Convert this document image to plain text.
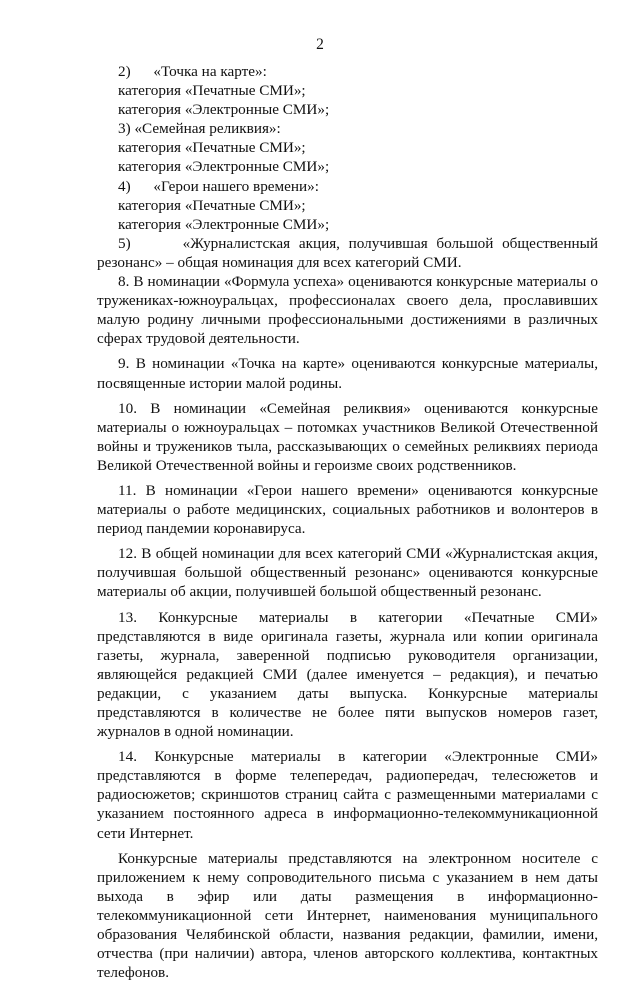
2
2)      «Точка на карте»:
категория «Печатные СМИ»;
категория «Электронные СМИ»;
3) «Семейная реликвия»:
категория «Печатные СМИ»;
категория «Электронные СМИ»;
4)      «Герои нашего времени»:
категория «Печатные СМИ»;
категория «Электронные СМИ»;

5)      «Журналистская акция, получившая большой общественный резонанс» – общая номинация для всех категорий СМИ.

8. В номинации «Формула успеха» оцениваются конкурсные материалы о тружениках-южноуральцах, профессионалах своего дела, прославивших малую родину личными профессиональными достижениями в различных сферах трудовой деятельности.

9. В номинации «Точка на карте» оцениваются конкурсные материалы, посвященные истории малой родины.

10. В номинации «Семейная реликвия» оцениваются конкурсные материалы о южноуральцах – потомках участников Великой Отечественной войны и тружеников тыла, рассказывающих о семейных реликвиях периода Великой Отечественной войны и героизме своих родственников.

11. В номинации «Герои нашего времени» оцениваются конкурсные материалы о работе медицинских, социальных работников и волонтеров в период пандемии коронавируса.

12. В общей номинации для всех категорий СМИ «Журналистская акция, получившая большой общественный резонанс» оцениваются конкурсные материалы об акции, получившей большой общественный резонанс.

13. Конкурсные материалы в категории «Печатные СМИ» представляются в виде оригинала газеты, журнала или копии оригинала газеты, журнала, заверенной подписью руководителя организации, являющейся редакцией СМИ (далее именуется – редакция), и печатью редакции, с указанием даты выпуска. Конкурсные материалы представляются в количестве не более пяти выпусков номеров газет, журналов в одной номинации.

14. Конкурсные материалы в категории «Электронные СМИ» представляются в форме телепередач, радиопередач, телесюжетов и радиосюжетов; скриншотов страниц сайта с размещенными материалами с указанием постоянного адреса в информационно-телекоммуникационной сети Интернет.

Конкурсные материалы представляются на электронном носителе с приложением к нему сопроводительного письма с указанием в нем даты выхода в эфир или даты размещения в информационно-телекоммуникационной сети Интернет, наименования муниципального образования Челябинской области, названия редакции, фамилии, имени, отчества (при наличии) автора, членов авторского коллектива, контактных телефонов.
